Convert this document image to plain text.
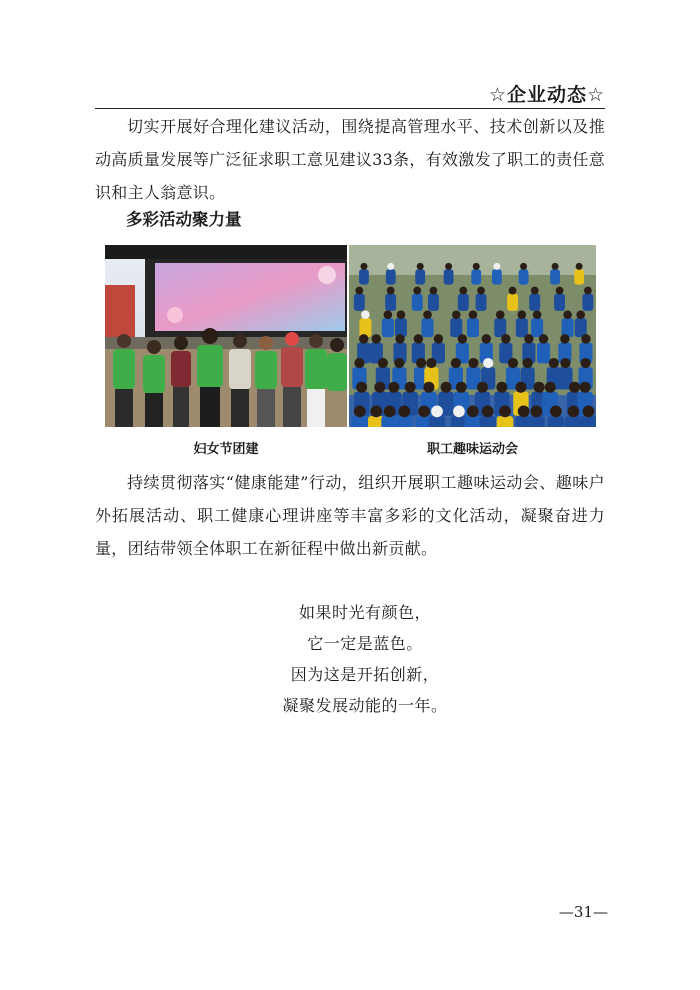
☆企业动态☆
切实开展好合理化建议活动，围绕提高管理水平、技术创新以及推动高质量发展等广泛征求职工意见建议33条，有效激发了职工的责任意识和主人翁意识。
多彩活动聚力量
妇女节团建	职工趣味运动会
持续贯彻落实“健康能建”行动，组织开展职工趣味运动会、趣味户外拓展活动、职工健康心理讲座等丰富多彩的文化活动，凝聚奋进力量，团结带领全体职工在新征程中做出新贡献。
如果时光有颜色，
它一定是蓝色。
因为这是开拓创新，
凝聚发展动能的一年。
—31—
